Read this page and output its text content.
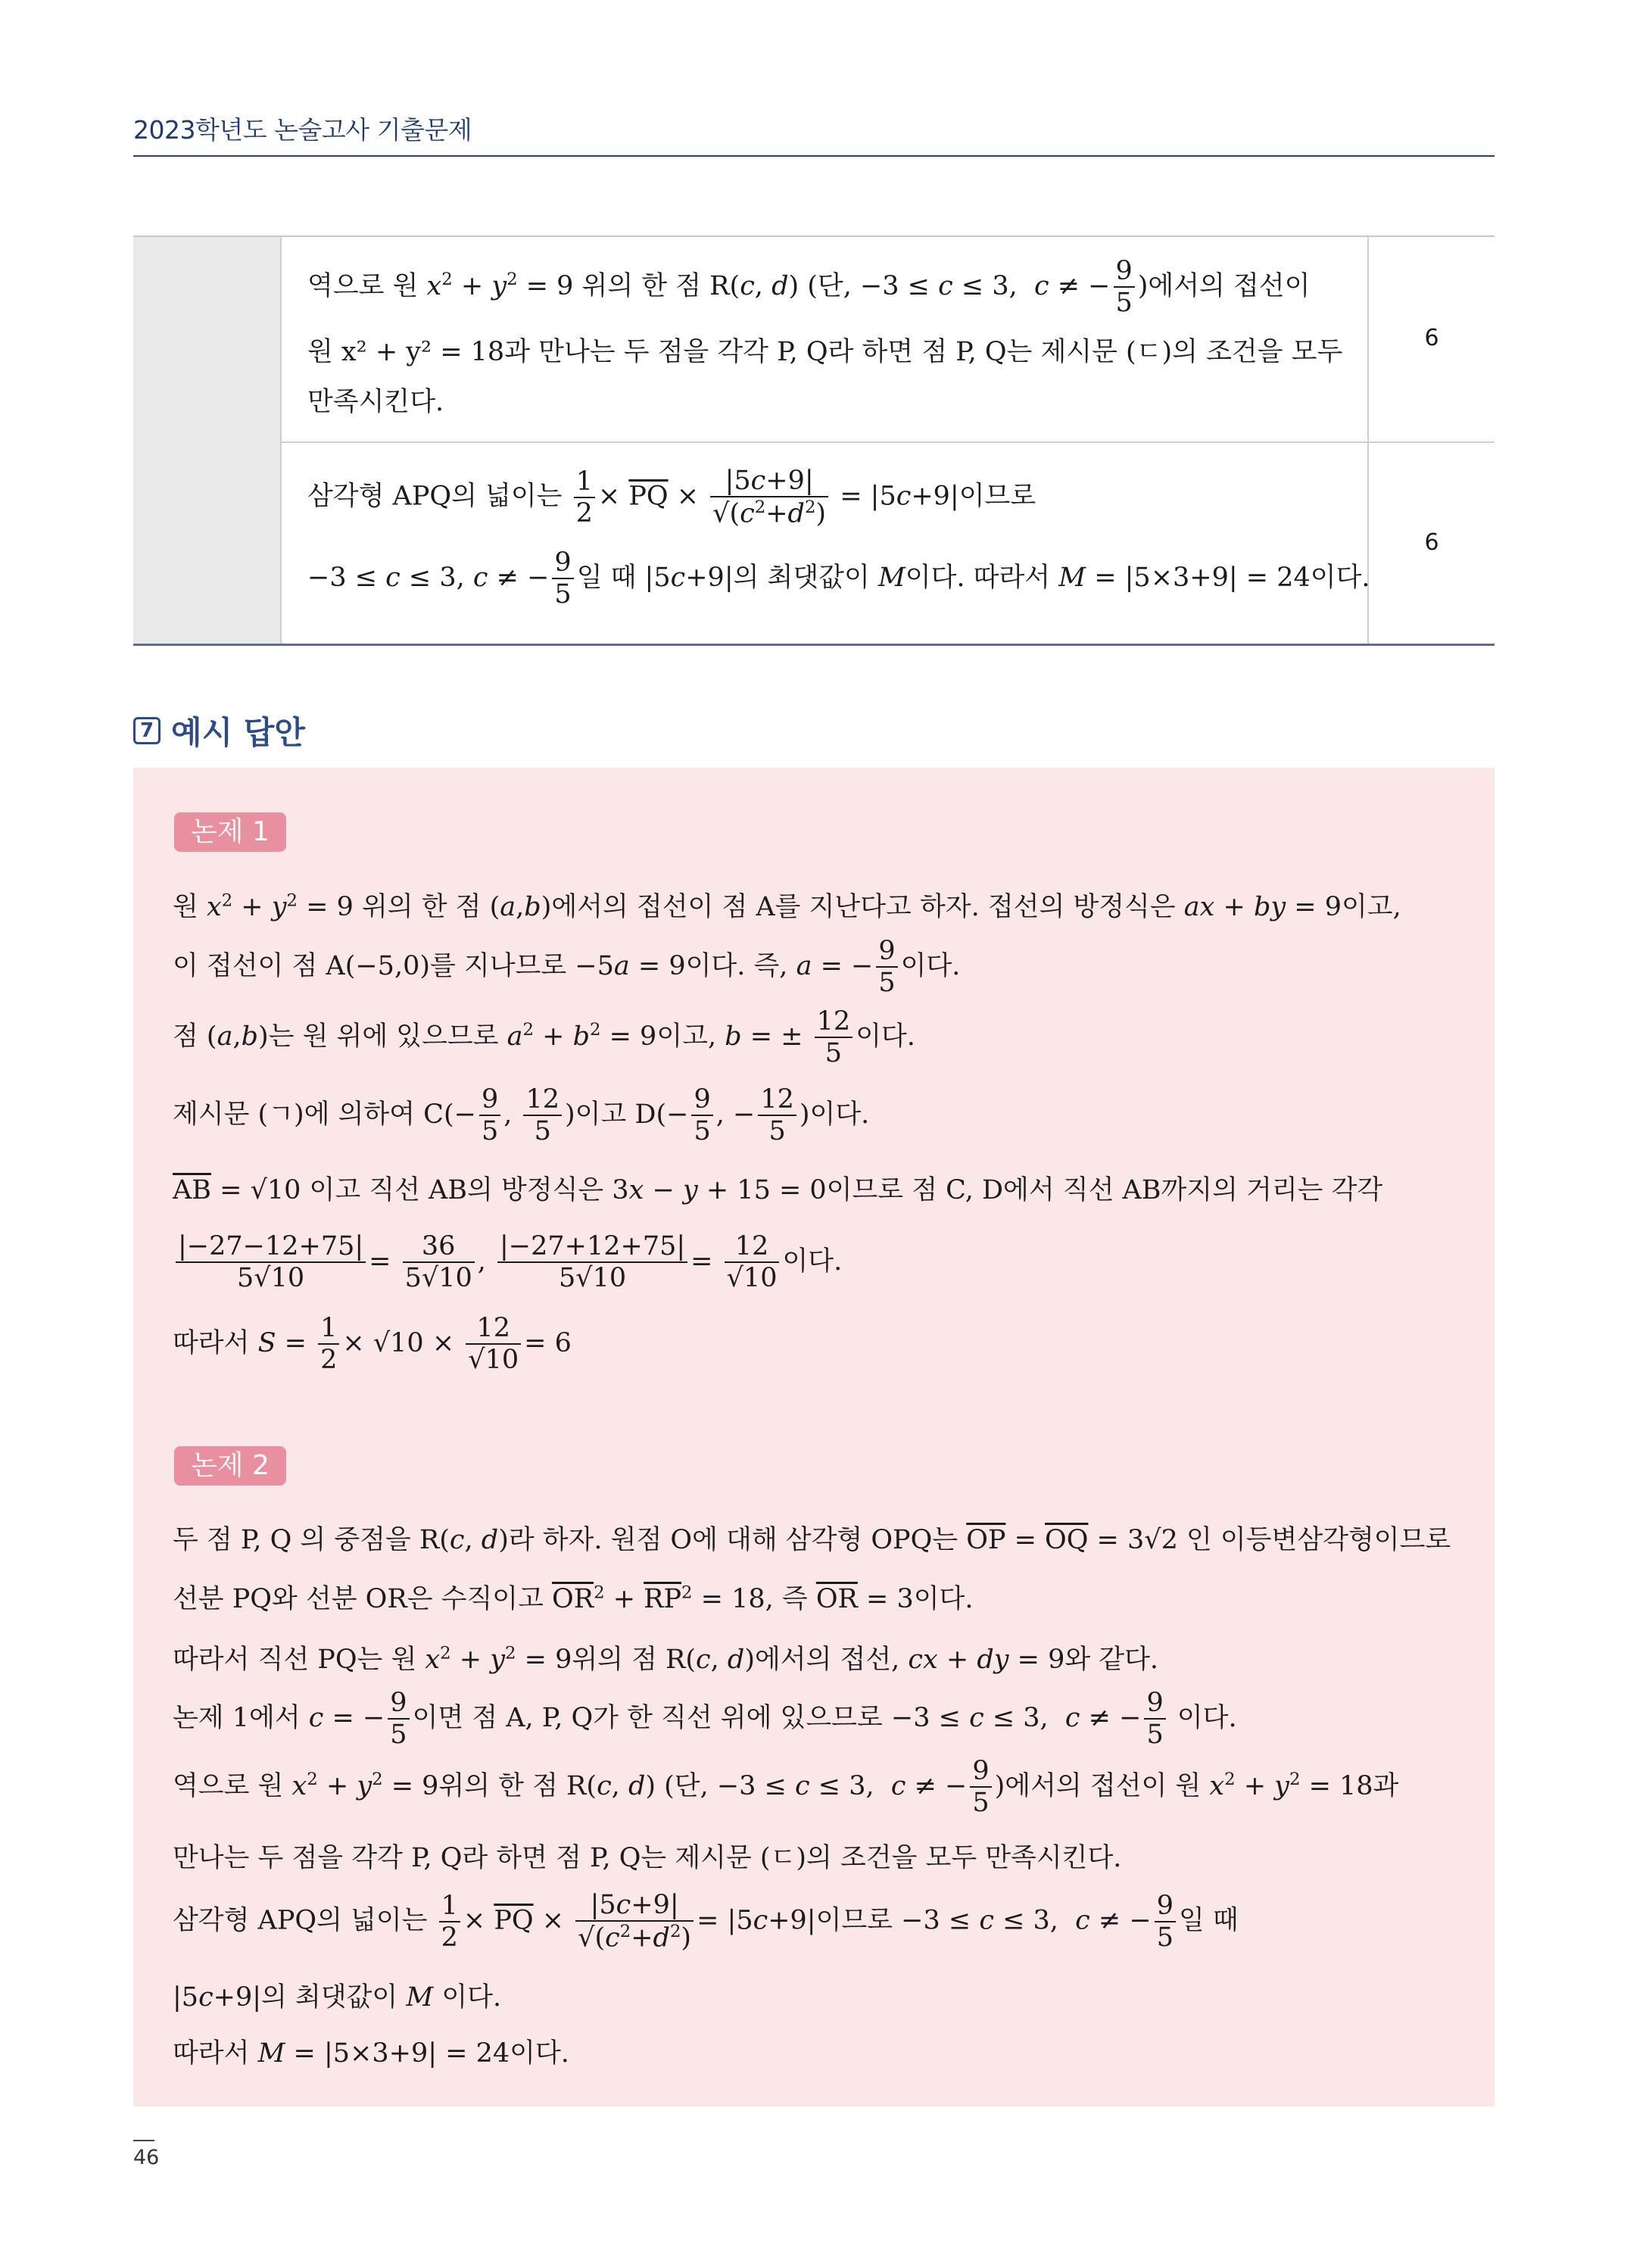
2023학년도 논술고사 기출문제
역으로 원 $x^2 + y^2 = 9$ 위의 한 점 R(c, d) (단, −3 ≤ c ≤ 3,  c ≠ − $\frac{9}{5}$ )에서의 접선이
원 x² + y² = 18과 만나는 두 점을 각각 P, Q라 하면 점 P, Q는 제시문 (ㄷ)의 조건을 모두
만족시킨다.
6
삼각형 APQ의 넓이는 $\frac{1}{2} \times \overline{PQ} \times \frac{|5c+9|}{√(c^2+d^2)} = |5c+9|$이므로
−3 ≤ c ≤ 3, c ≠ − $\frac{9}{5}$ 일 때 |5c+9|의 최댓값이 M이다. 따라서 M = |5×3+9| = 24이다.
6
7 예시 답안
논제 1
원 $x^2 + y^2 = 9$ 위의 한 점 (a,b)에서의 접선이 점 A를 지난다고 하자. 접선의 방정식은 ax + by = 9이고,
이 접선이 점 A(−5,0)를 지나므로 −5a = 9이다. 즉, a = − $\frac{9}{5}$ 이다.
점 (a,b)는 원 위에 있으므로 $a^2 + b^2 = 9$이고, b = ± $\frac{12}{5}$ 이다.
제시문 (ㄱ)에 의하여 $C(- \frac{9}{5}$ , $\frac{12}{5}$ )이고 $D(- \frac{9}{5}$ , − $\frac{12}{5}$ )이다.
$\overline{AB} = √10$ 이고 직선 AB의 방정식은 3x − y + 15 = 0이므로 점 C, D에서 직선 AB까지의 거리는 각각
$\frac{|-27-12+75|}{5√10} = \frac{36}{5√10}$ , $\frac{|-27+12+75|}{5√10} = \frac{12}{√10}$ 이다.
따라서 $S = \frac{1}{2} \times √10 \times \frac{12}{√10} = 6$
논제 2
두 점 P, Q 의 중점을 R(c, d)라 하자. 원점 O에 대해 삼각형 OPQ는 $\overline{OP} = \overline{OQ} = 3√2$ 인 이등변삼각형이므로
선분 PQ와 선분 OR은 수직이고 $\overline{OR}^2 + \overline{RP}^2 = 18$, 즉 $\overline{OR} = 3$이다.
따라서 직선 PQ는 원 $x^2 + y^2 = 9$위의 점 R(c, d)에서의 접선, cx + dy = 9와 같다.
논제 1에서 c = − $\frac{9}{5}$ 이면 점 A, P, Q가 한 직선 위에 있으므로 −3 ≤ c ≤ 3,  c ≠ − $\frac{9}{5}$ 이다.
역으로 원 $x^2 + y^2 = 9$위의 한 점 R(c, d) (단, −3 ≤ c ≤ 3,  c ≠ − $\frac{9}{5}$ )에서의 접선이 원 $x^2 + y^2 = 18$과
만나는 두 점을 각각 P, Q라 하면 점 P, Q는 제시문 (ㄷ)의 조건을 모두 만족시킨다.
삼각형 APQ의 넓이는 $\frac{1}{2} \times \overline{PQ} \times \frac{|5c+9|}{√(c^2+d^2)} = |5c+9|$이므로 −3 ≤ c ≤ 3,  c ≠ − $\frac{9}{5}$ 일 때
|5c+9|의 최댓값이 M 이다.
따라서 M = |5×3+9| = 24이다.
46
